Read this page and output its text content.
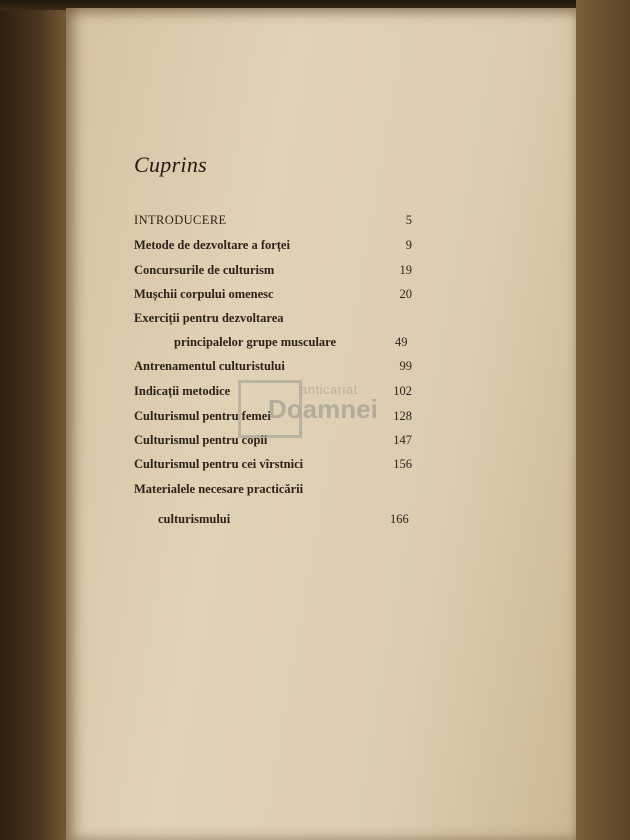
Cuprins
INTRODUCERE	5
Metode de dezvoltare a forței	9
Concursurile de culturism	19
Mușchii corpului omenesc	20
Exerciții pentru dezvoltarea
principalelor grupe musculare	49
Antrenamentul culturistului	99
Indicații metodice	102
Culturismul pentru femei	128
Culturismul pentru copii	147
Culturismul pentru cei vîrstnici	156
Materialele necesare practicării
culturismului	166
anticariat
Doamnei
